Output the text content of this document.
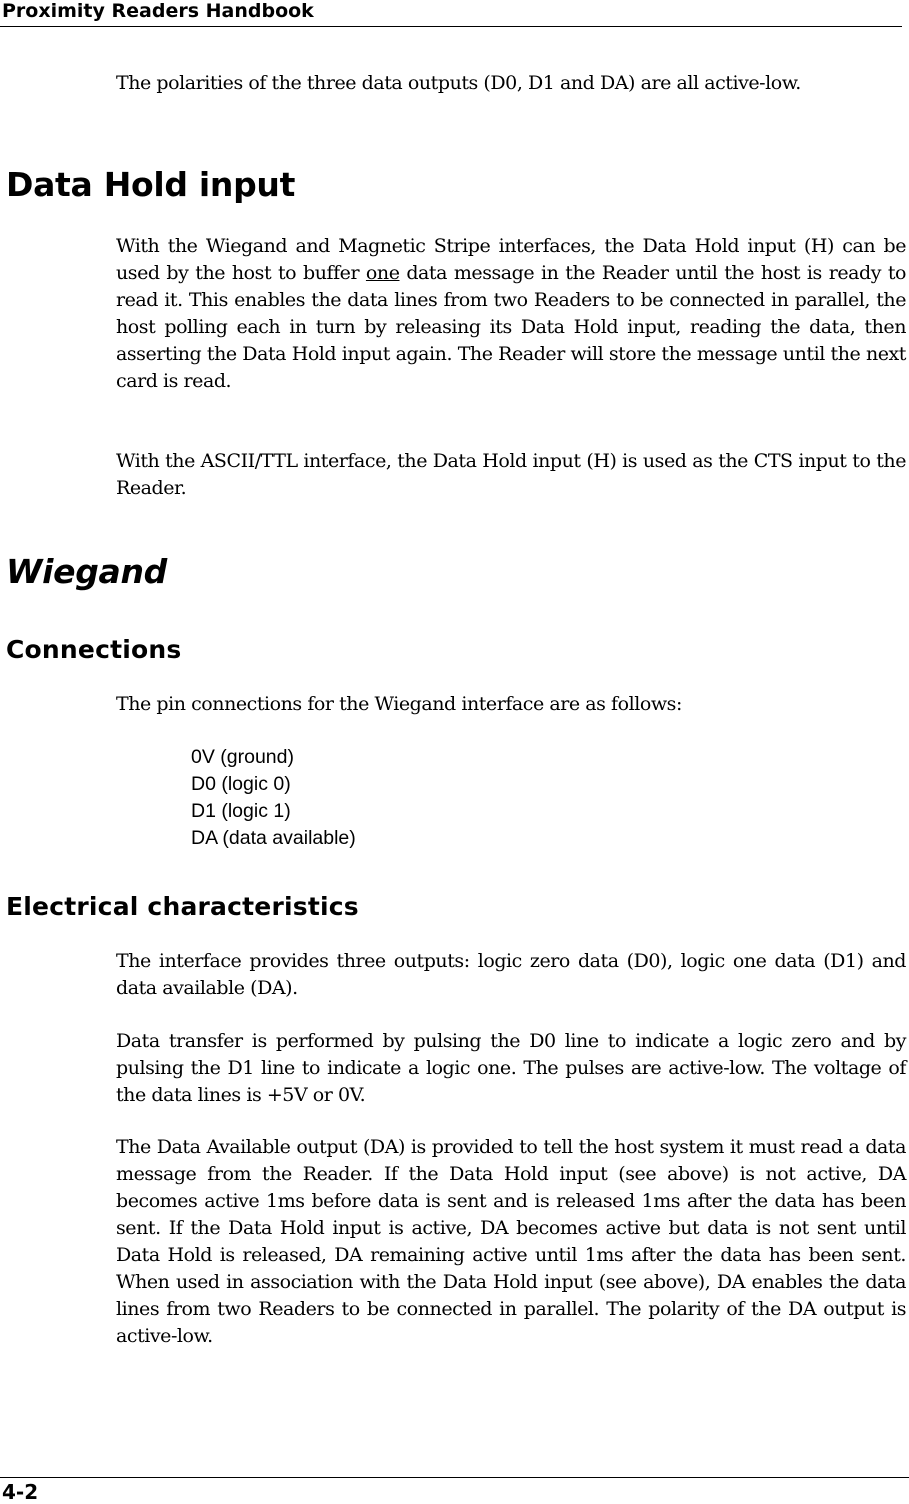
Proximity Readers Handbook

The polarities of the three data outputs (D0, D1 and DA) are all active-low.

Data Hold input

With the Wiegand and Magnetic Stripe interfaces, the Data Hold input (H) can be used by the host to buffer one data message in the Reader until the host is ready to read it. This enables the data lines from two Readers to be connected in parallel, the host polling each in turn by releasing its Data Hold input, reading the data, then asserting the Data Hold input again. The Reader will store the message until the next card is read.

With the ASCII/TTL interface, the Data Hold input (H) is used as the CTS input to the Reader.

Wiegand
Connections

The pin connections for the Wiegand interface are as follows:

0V (ground)
D0 (logic 0)
D1 (logic 1)
DA (data available)
Electrical characteristics

The interface provides three outputs: logic zero data (D0), logic one data (D1) and data available (DA).

Data transfer is performed by pulsing the D0 line to indicate a logic zero and by pulsing the D1 line to indicate a logic one. The pulses are active-low. The voltage of the data lines is +5V or 0V.

The Data Available output (DA) is provided to tell the host system it must read a data message from the Reader. If the Data Hold input (see above) is not active, DA becomes active 1ms before data is sent and is released 1ms after the data has been sent. If the Data Hold input is active, DA becomes active but data is not sent until Data Hold is released, DA remaining active until 1ms after the data has been sent. When used in association with the Data Hold input (see above), DA enables the data lines from two Readers to be connected in parallel. The polarity of the DA output is active-low.

4-2
